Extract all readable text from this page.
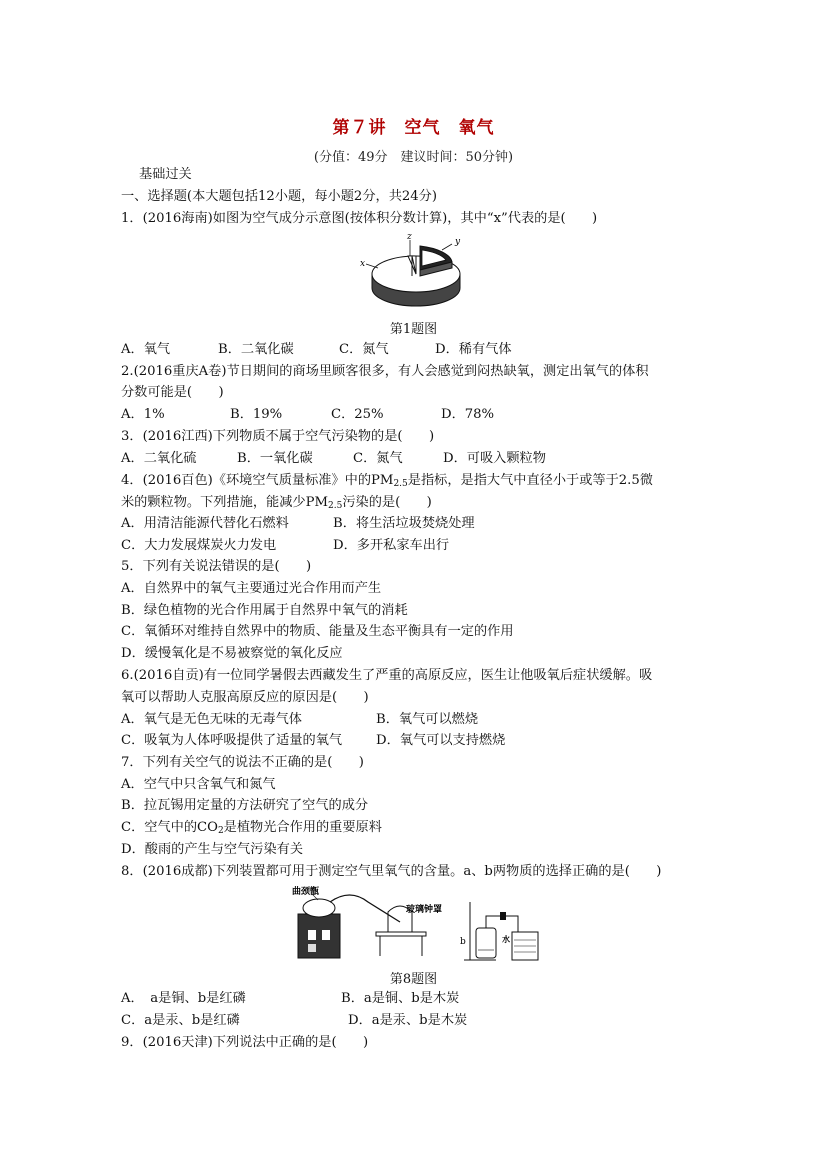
第７讲　空气　氧气
(分值：49分　建议时间：50分钟)
基础过关
一、选择题(本大题包括12小题，每小题2分，共24分)
1．(2016海南)如图为空气成分示意图(按体积分数计算)，其中“x”代表的是(　　)
x
y
z
第1题图
A．氧气	B．二氧化碳	C．氮气	D．稀有气体
2.(2016重庆A卷)节日期间的商场里顾客很多，有人会感觉到闷热缺氧，测定出氧气的体积
分数可能是(　　)
A．1%	B．19%	C．25%	D．78%
3．(2016江西)下列物质不属于空气污染物的是(　　)
A．二氧化硫	B．一氧化碳	C．氮气	D．可吸入颗粒物
4．(2016百色)《环境空气质量标准》中的$PM_{2.5}$是指标，是指大气中直径小于或等于2.5微
米的颗粒物。下列措施，能减少$PM_{2.5}$污染的是(　　)
A．用清洁能源代替化石燃料	B．将生活垃圾焚烧处理
C．大力发展煤炭火力发电	D．多开私家车出行
5．下列有关说法错误的是(　　)
A．自然界中的氧气主要通过光合作用而产生
B．绿色植物的光合作用属于自然界中氧气的消耗
C．氧循环对维持自然界中的物质、能量及生态平衡具有一定的作用
D．缓慢氧化是不易被察觉的氧化反应
6.(2016自贡)有一位同学暑假去西藏发生了严重的高原反应，医生让他吸氧后症状缓解。吸
氧可以帮助人克服高原反应的原因是(　　)
A．氧气是无色无味的无毒气体	B．氧气可以燃烧
C．吸氧为人体呼吸提供了适量的氧气	D．氧气可以支持燃烧
7．下列有关空气的说法不正确的是(　　)
A．空气中只含氧气和氮气
B．拉瓦锡用定量的方法研究了空气的成分
C．空气中的$CO_2$是植物光合作用的重要原料
D．酸雨的产生与空气污染有关
8．(2016成都)下列装置都可用于测定空气里氧气的含量。a、b两物质的选择正确的是(　　)
曲颈甑
玻璃钟罩
b	水
第8题图
A．　a是铜、b是红磷	B．a是铜、b是木炭
C．a是汞、b是红磷	D．a是汞、b是木炭
9．(2016天津)下列说法中正确的是(　　)
